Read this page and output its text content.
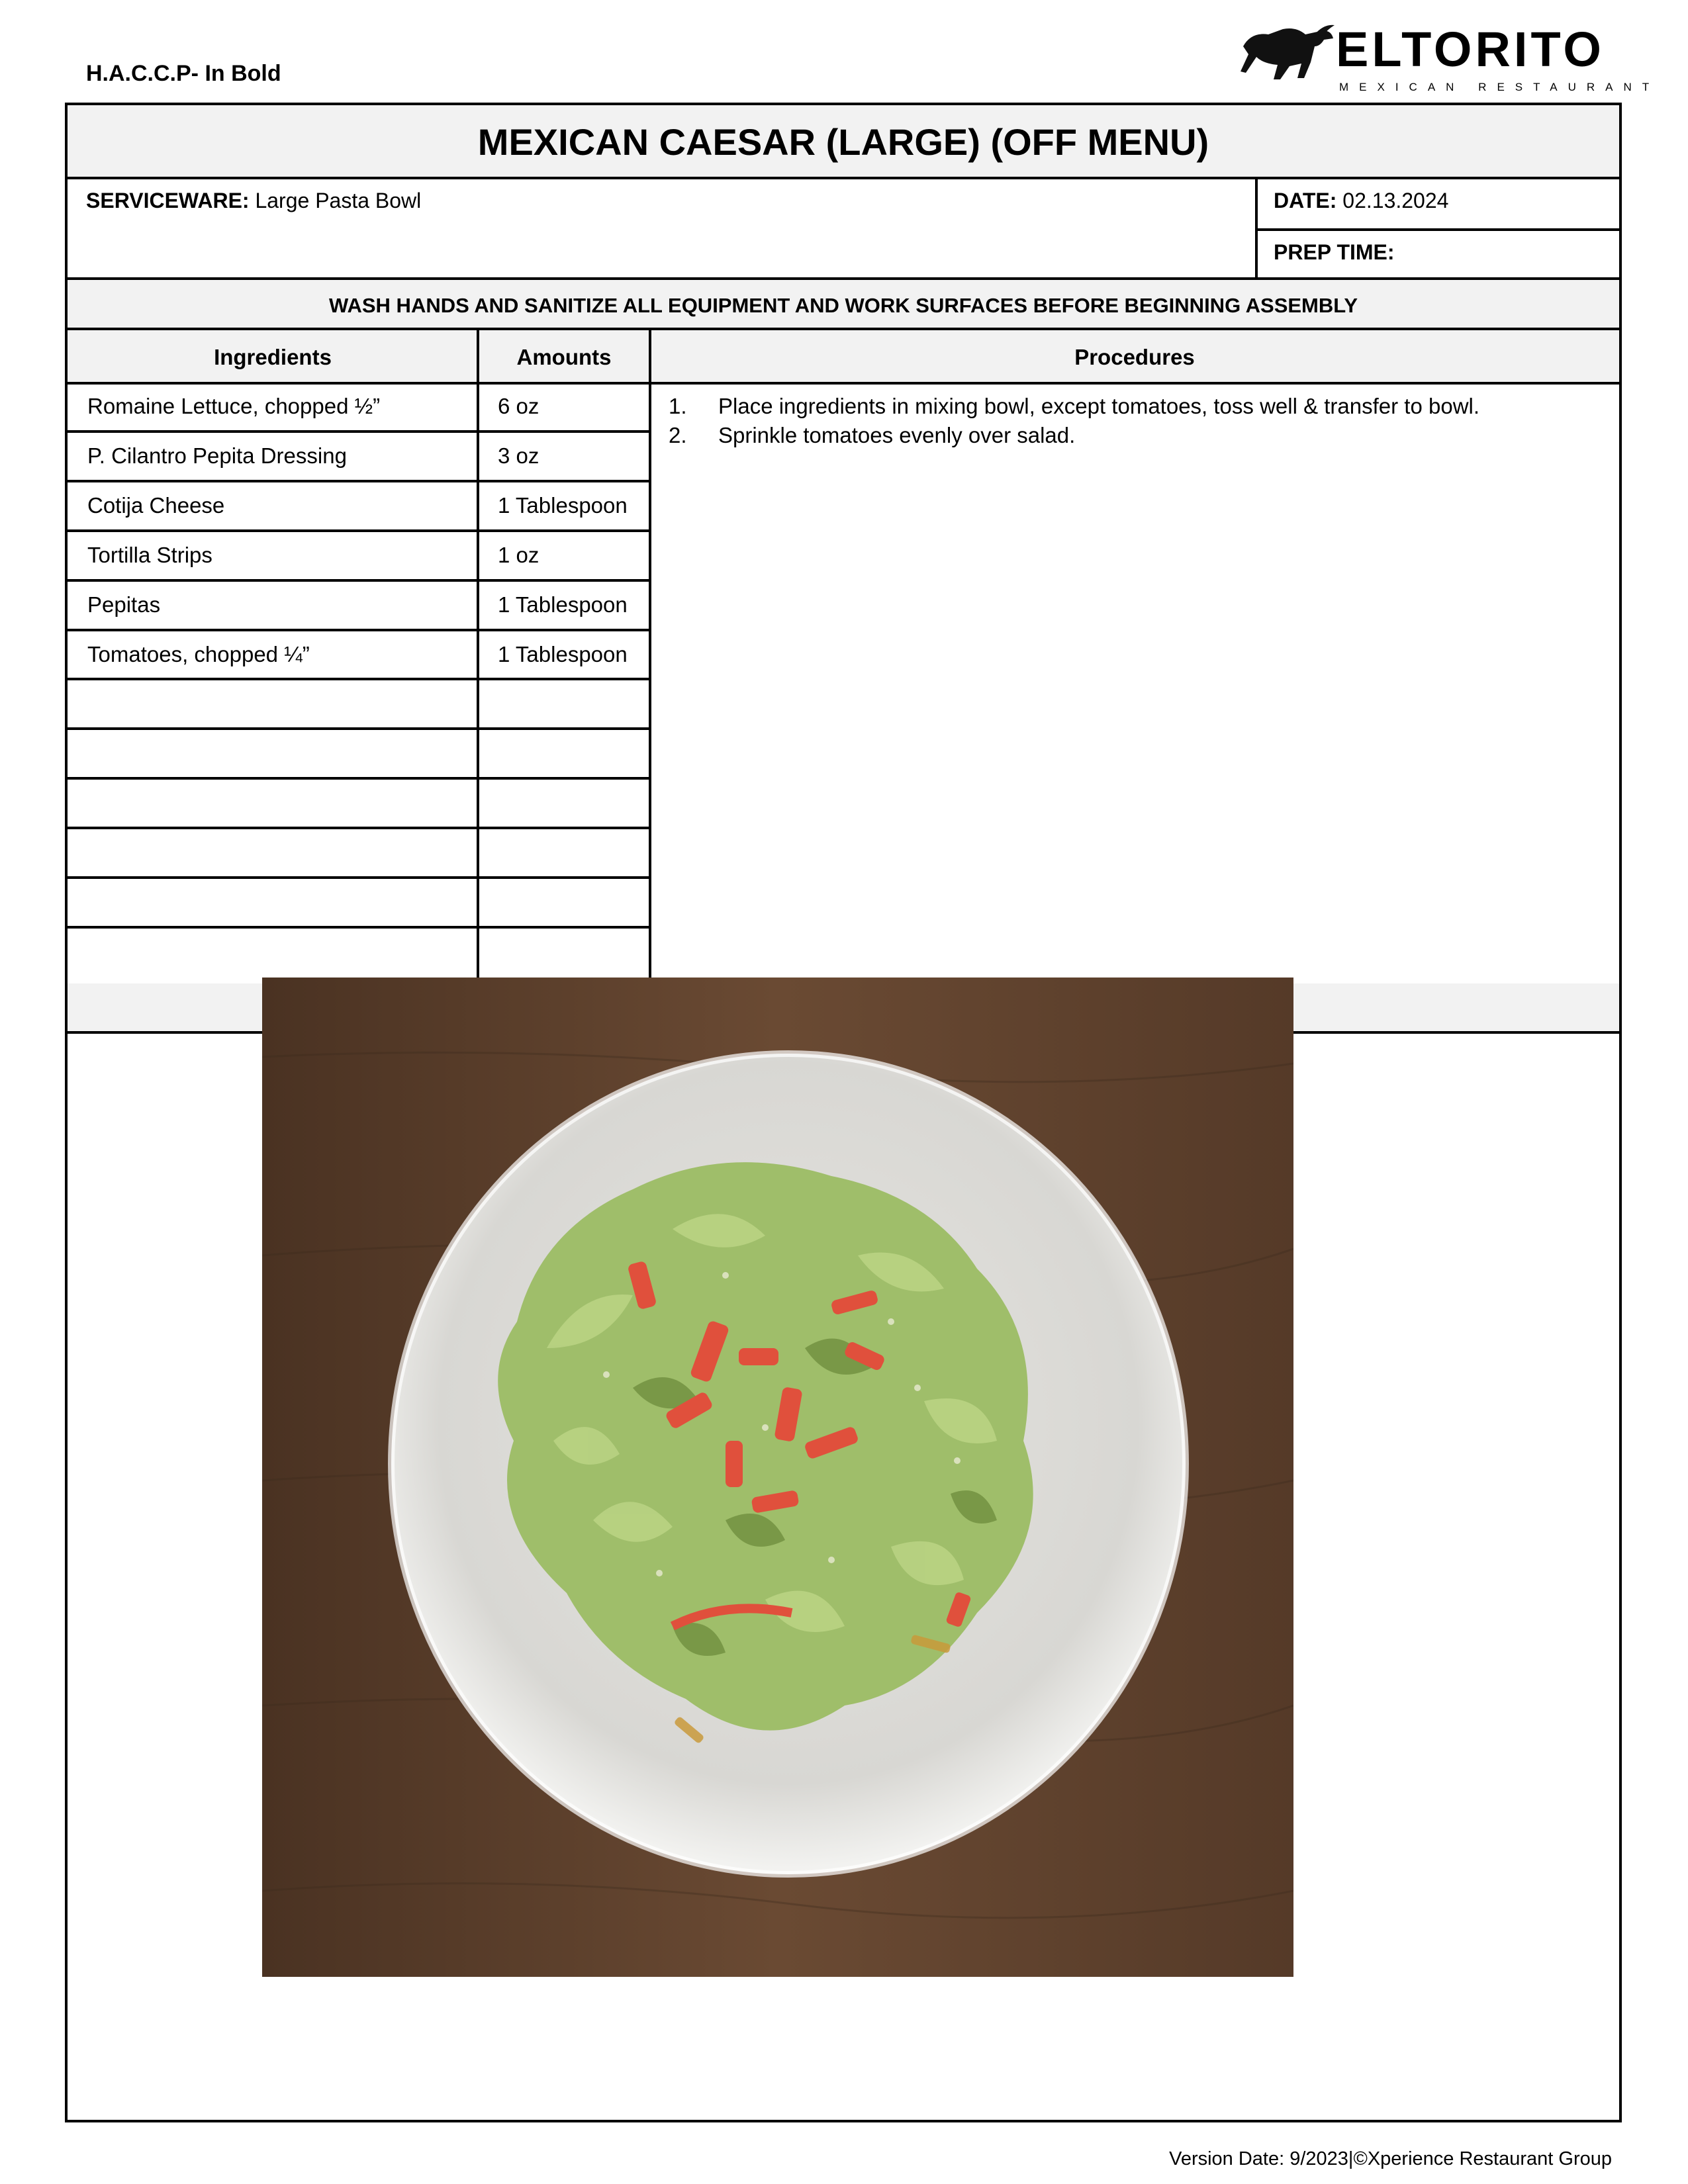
H.A.C.C.P- In Bold	ELTORITO
MEXICAN RESTAURANT
MEXICAN CAESAR (LARGE) (OFF MENU)
SERVICEWARE: Large Pasta Bowl	DATE: 02.13.2024
PREP TIME:
WASH HANDS AND SANITIZE ALL EQUIPMENT AND WORK SURFACES BEFORE BEGINNING ASSEMBLY
Ingredients	Amounts	Procedures
Romaine Lettuce, chopped ½”	6 oz
P. Cilantro Pepita Dressing	3 oz
Cotija Cheese	1 Tablespoon
Tortilla Strips	1 oz
Pepitas	1 Tablespoon
Tomatoes, chopped ¼”	1 Tablespoon
1. Place ingredients in mixing bowl, except tomatoes, toss well & transfer to bowl.
2. Sprinkle tomatoes evenly over salad.
Version Date: 9/2023|©Xperience Restaurant Group
